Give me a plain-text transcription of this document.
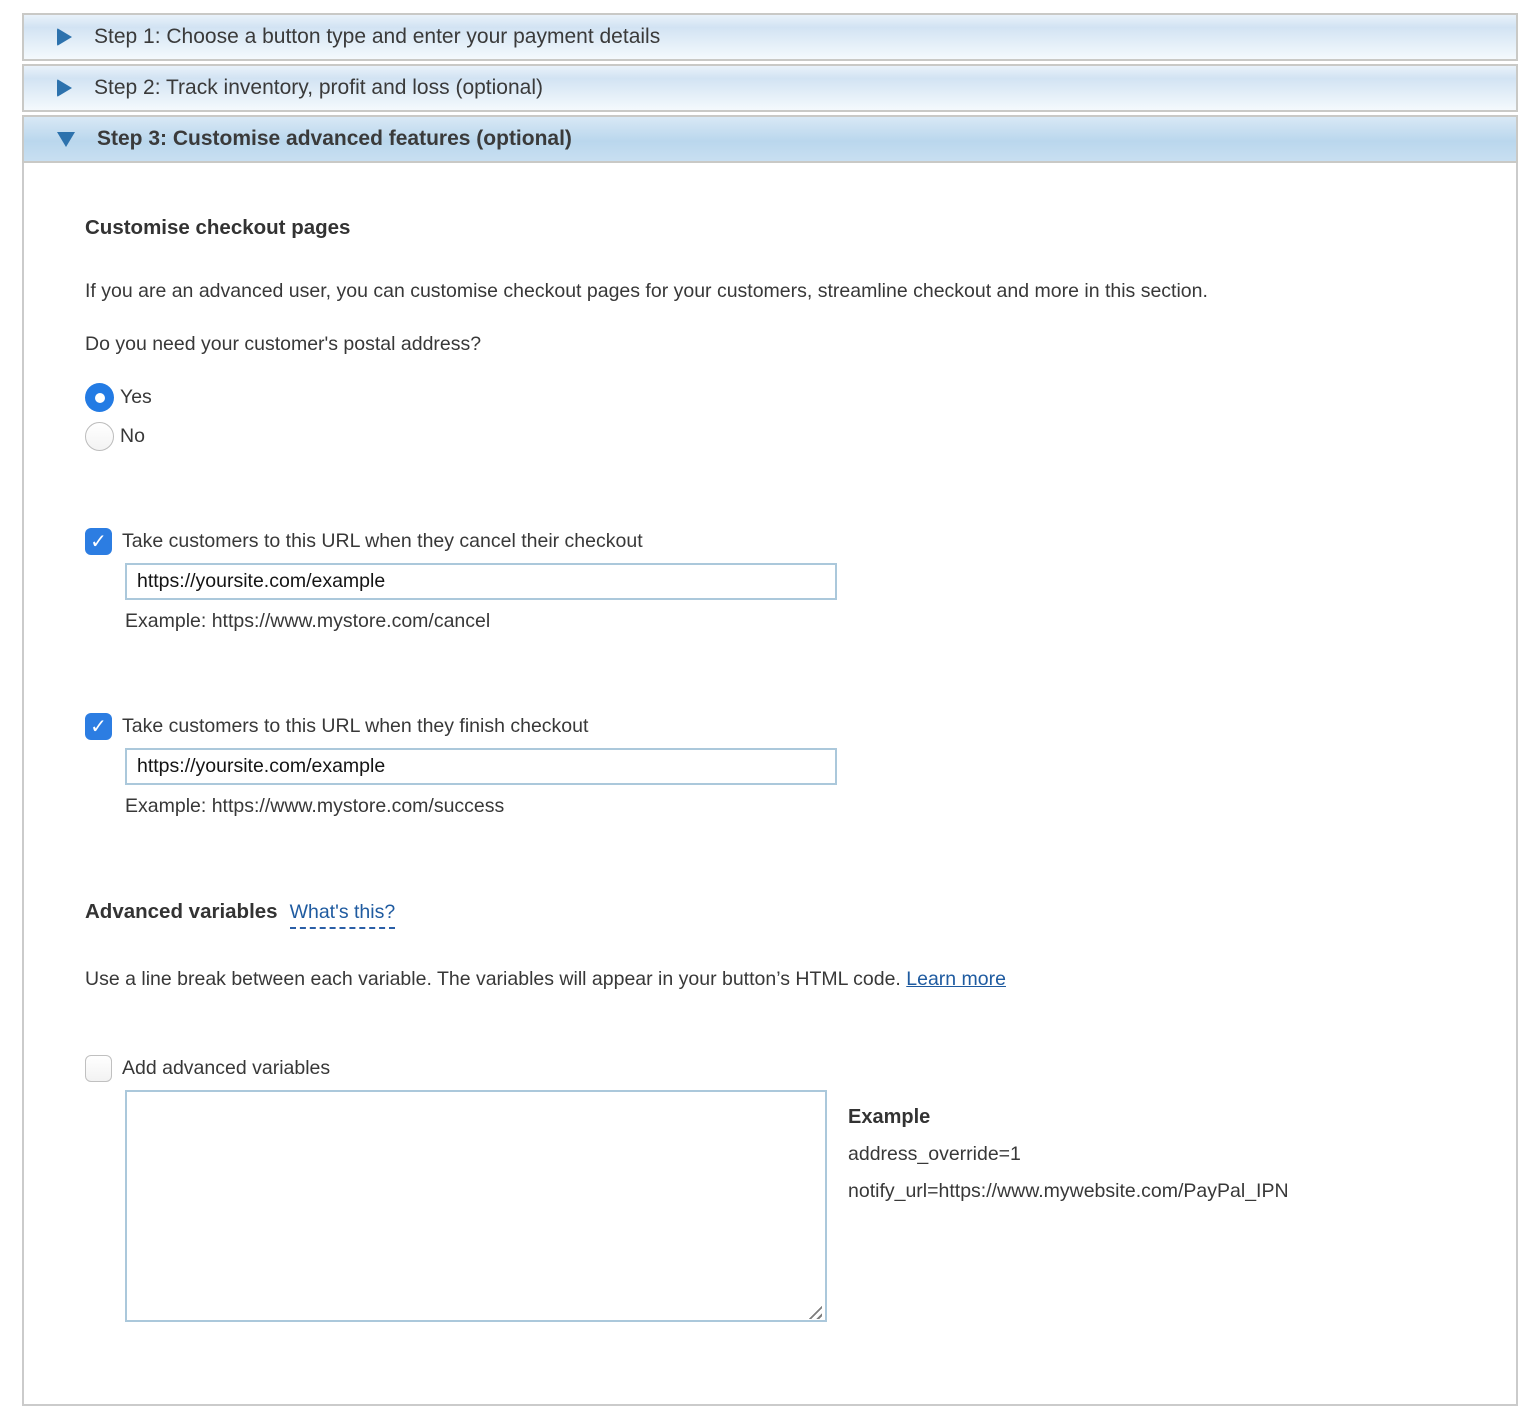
Step 1: Choose a button type and enter your payment details
Step 2: Track inventory, profit and loss (optional)
Step 3: Customise advanced features (optional)
Customise checkout pages

If you are an advanced user, you can customise checkout pages for your customers, streamline checkout and more in this section.

Do you need your customer's postal address?

Yes
No
✓ Take customers to this URL when they cancel their checkout
https://yoursite.com/example
Example: https://www.mystore.com/cancel
✓ Take customers to this URL when they finish checkout
https://yoursite.com/example
Example: https://www.mystore.com/success
Advanced variables What's this?

Use a line break between each variable. The variables will appear in your button’s HTML code. Learn more

Add advanced variables
Example
address_override=1
notify_url=https://www.mywebsite.com/PayPal_IPN
